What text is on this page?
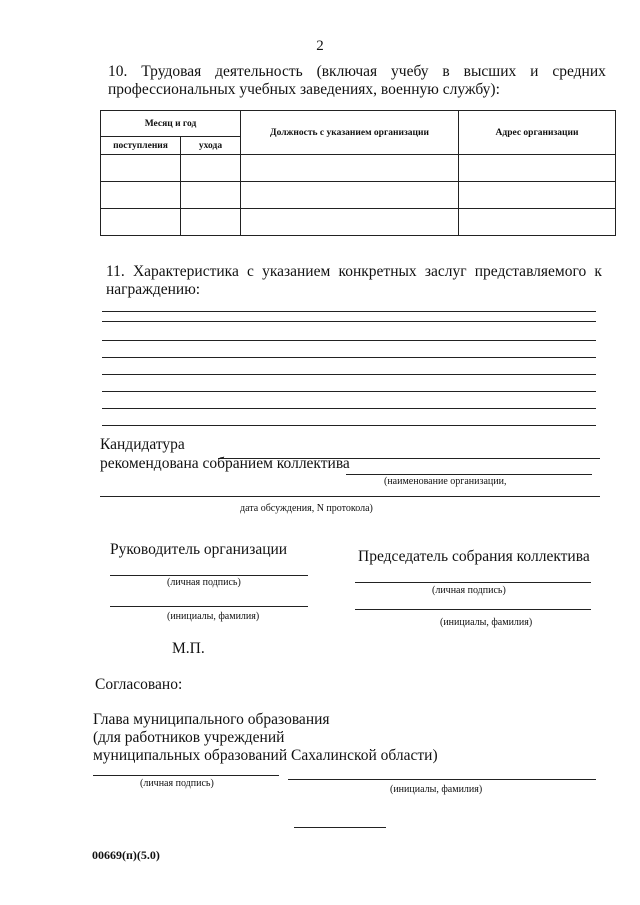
2
10. Трудовая деятельность (включая учебу в высших и средних
профессиональных учебных заведениях, военную службу):
Месяц и год		Должность с указанием организации	Адрес организации
поступления	ухода		

11. Характеристика с указанием конкретных заслуг представляемого к
награждению:
Кандидатура
рекомендована собранием коллектива
(наименование организации,
дата обсуждения, N протокола)
Руководитель организации	Председатель собрания коллектива
(личная подпись)
(личная подпись)
(инициалы, фамилия)
(инициалы, фамилия)
М.П.
Согласовано:
Глава муниципального образования
(для работников учреждений
муниципальных образований Сахалинской области)
(личная подпись)
(инициалы, фамилия)
00669(п)(5.0)
